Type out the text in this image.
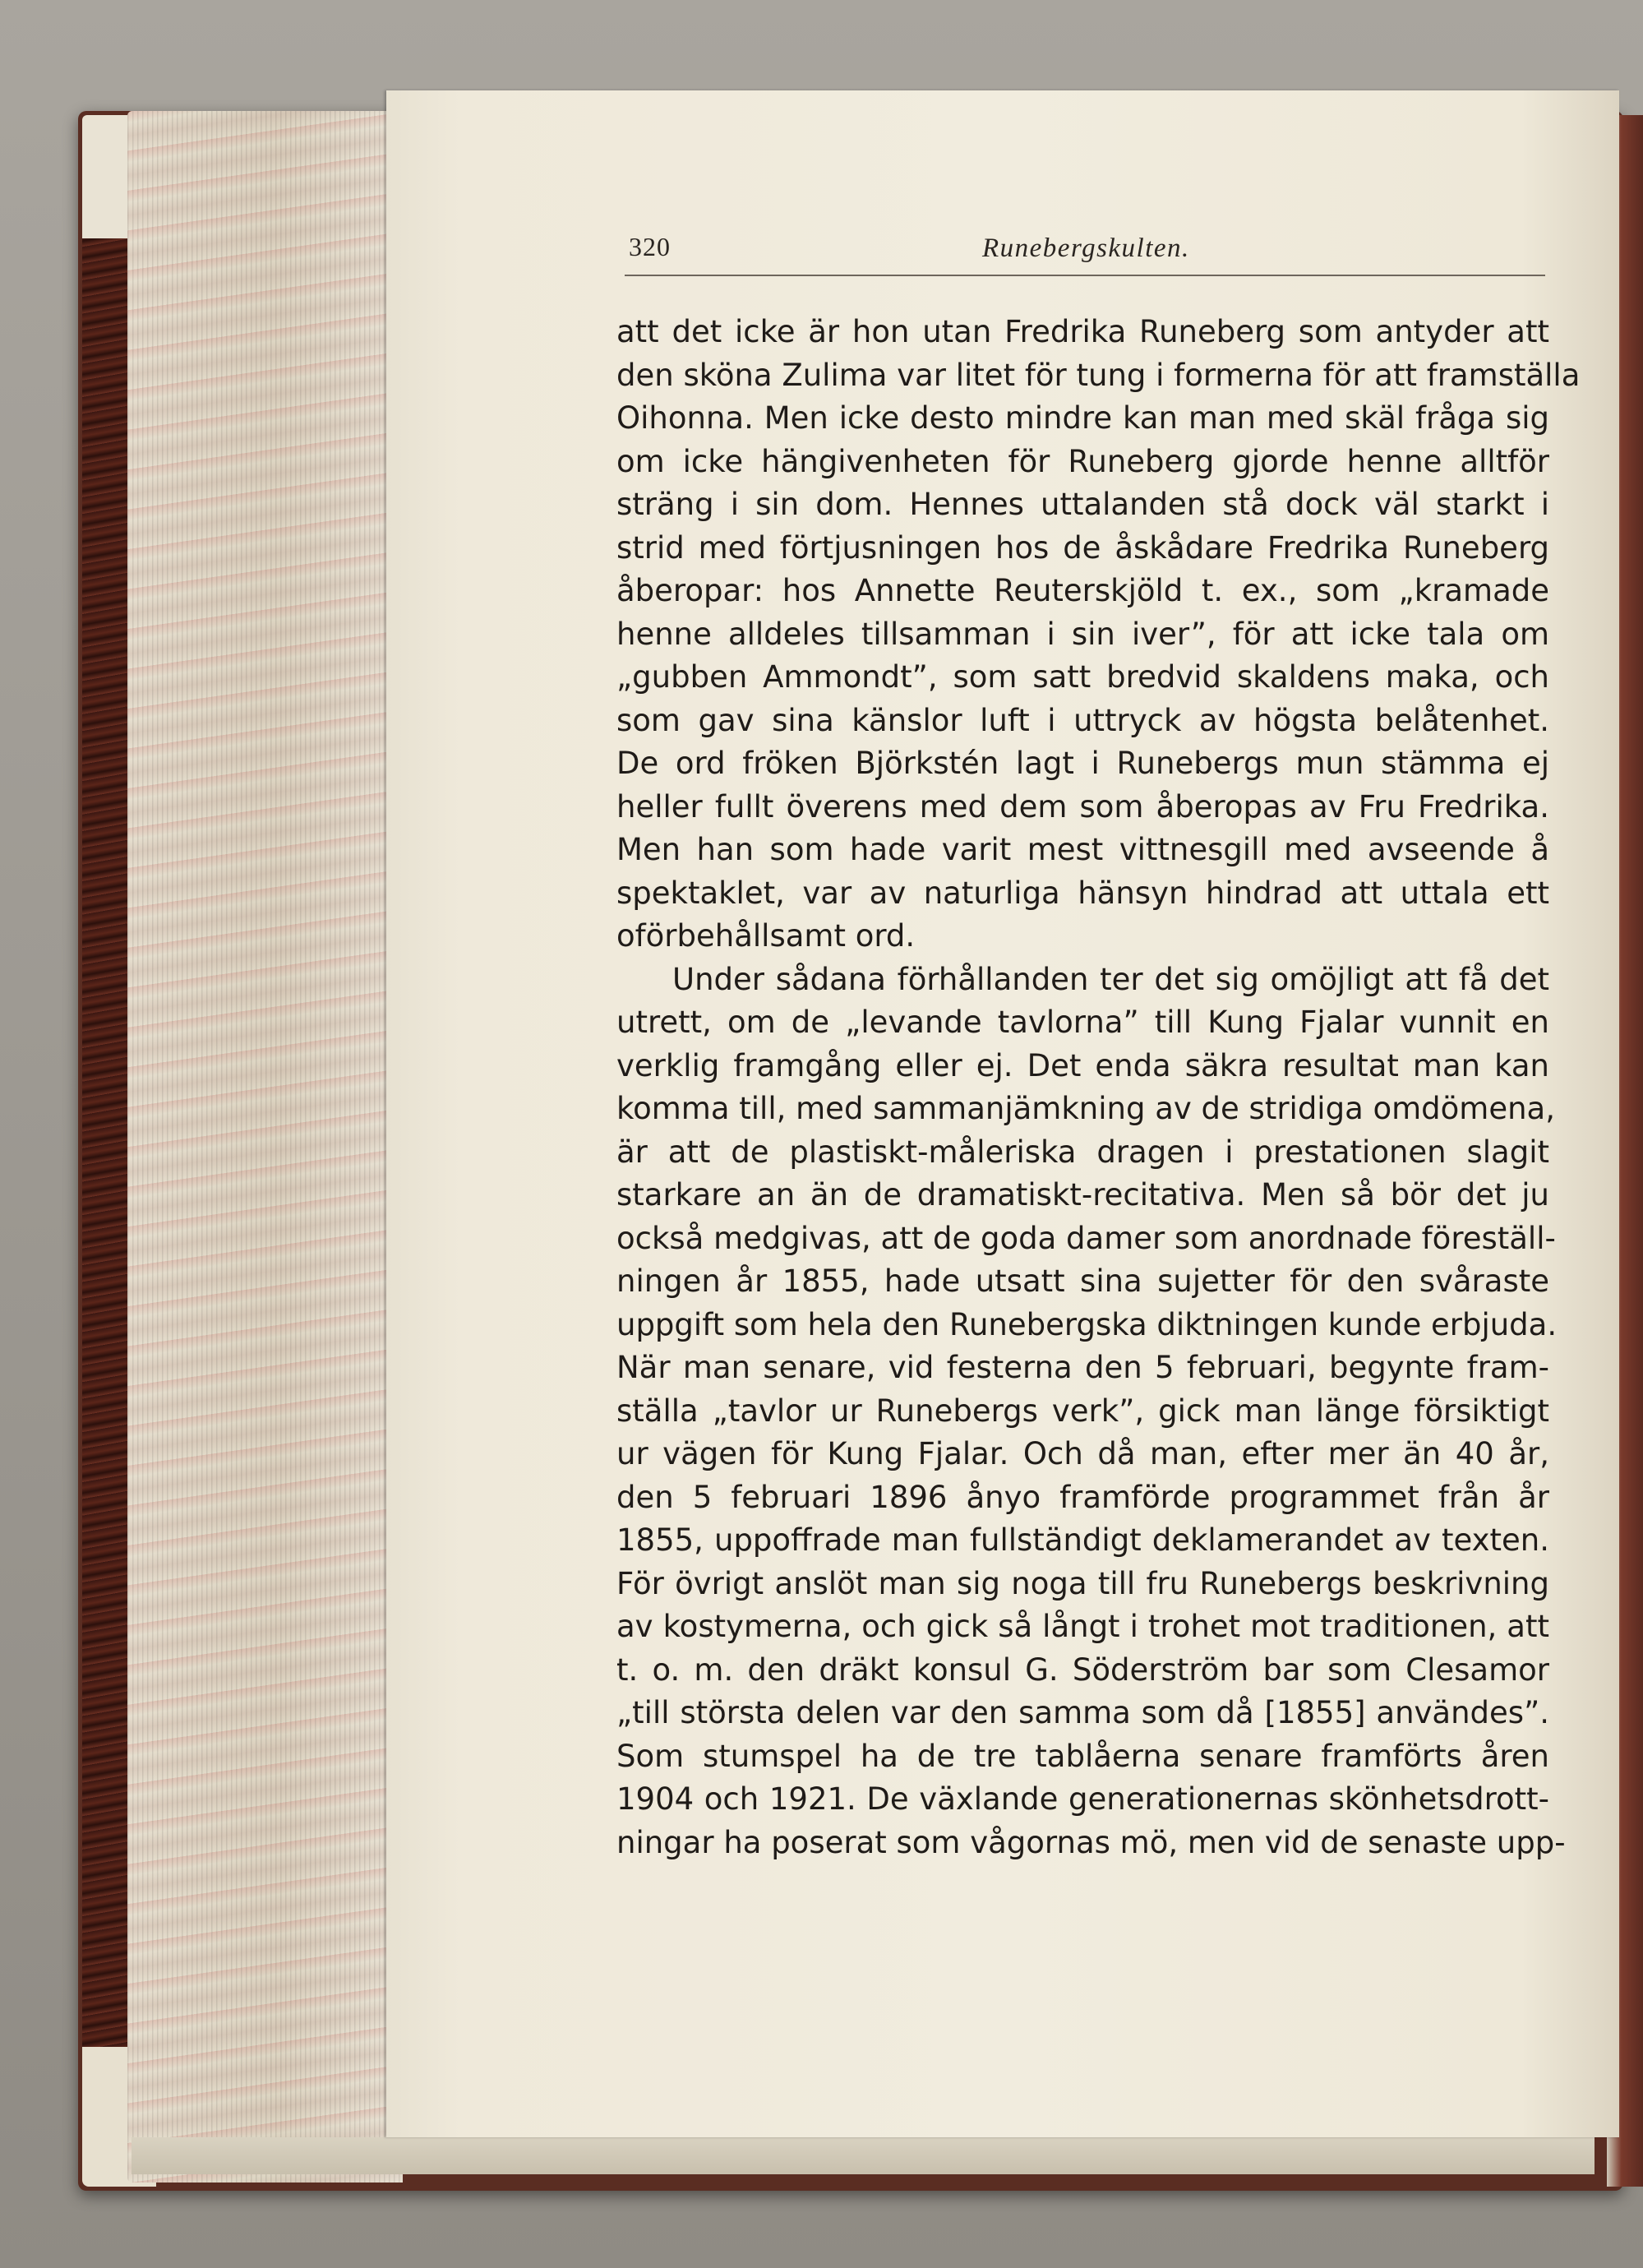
320	Runebergskulten.
att det icke är hon utan Fredrika Runeberg som antyder att
den sköna Zulima var litet för tung i formerna för att framställa
Oihonna. Men icke desto mindre kan man med skäl fråga sig
om icke hängivenheten för Runeberg gjorde henne alltför
sträng i sin dom. Hennes uttalanden stå dock väl starkt i
strid med förtjusningen hos de åskådare Fredrika Runeberg
åberopar: hos Annette Reuterskjöld t. ex., som „kramade
henne alldeles tillsamman i sin iver”, för att icke tala om
„gubben Ammondt”, som satt bredvid skaldens maka, och
som gav sina känslor luft i uttryck av högsta belåtenhet.
De ord fröken Björkstén lagt i Runebergs mun stämma ej
heller fullt överens med dem som åberopas av Fru Fredrika.
Men han som hade varit mest vittnesgill med avseende å
spektaklet, var av naturliga hänsyn hindrad att uttala ett
oförbehållsamt ord.
Under sådana förhållanden ter det sig omöjligt att få det
utrett, om de „levande tavlorna” till Kung Fjalar vunnit en
verklig framgång eller ej. Det enda säkra resultat man kan
komma till, med sammanjämkning av de stridiga omdömena,
är att de plastiskt-måleriska dragen i prestationen slagit
starkare an än de dramatiskt-recitativa. Men så bör det ju
också medgivas, att de goda damer som anordnade föreställ-
ningen år 1855, hade utsatt sina sujetter för den svåraste
uppgift som hela den Runebergska diktningen kunde erbjuda.
När man senare, vid festerna den 5 februari, begynte fram-
ställa „tavlor ur Runebergs verk”, gick man länge försiktigt
ur vägen för Kung Fjalar. Och då man, efter mer än 40 år,
den 5 februari 1896 ånyo framförde programmet från år
1855, uppoffrade man fullständigt deklamerandet av texten.
För övrigt anslöt man sig noga till fru Runebergs beskrivning
av kostymerna, och gick så långt i trohet mot traditionen, att
t. o. m. den dräkt konsul G. Söderström bar som Clesamor
„till största delen var den samma som då [1855] användes”.
Som stumspel ha de tre tablåerna senare framförts åren
1904 och 1921. De växlande generationernas skönhetsdrott-
ningar ha poserat som vågornas mö, men vid de senaste upp-
